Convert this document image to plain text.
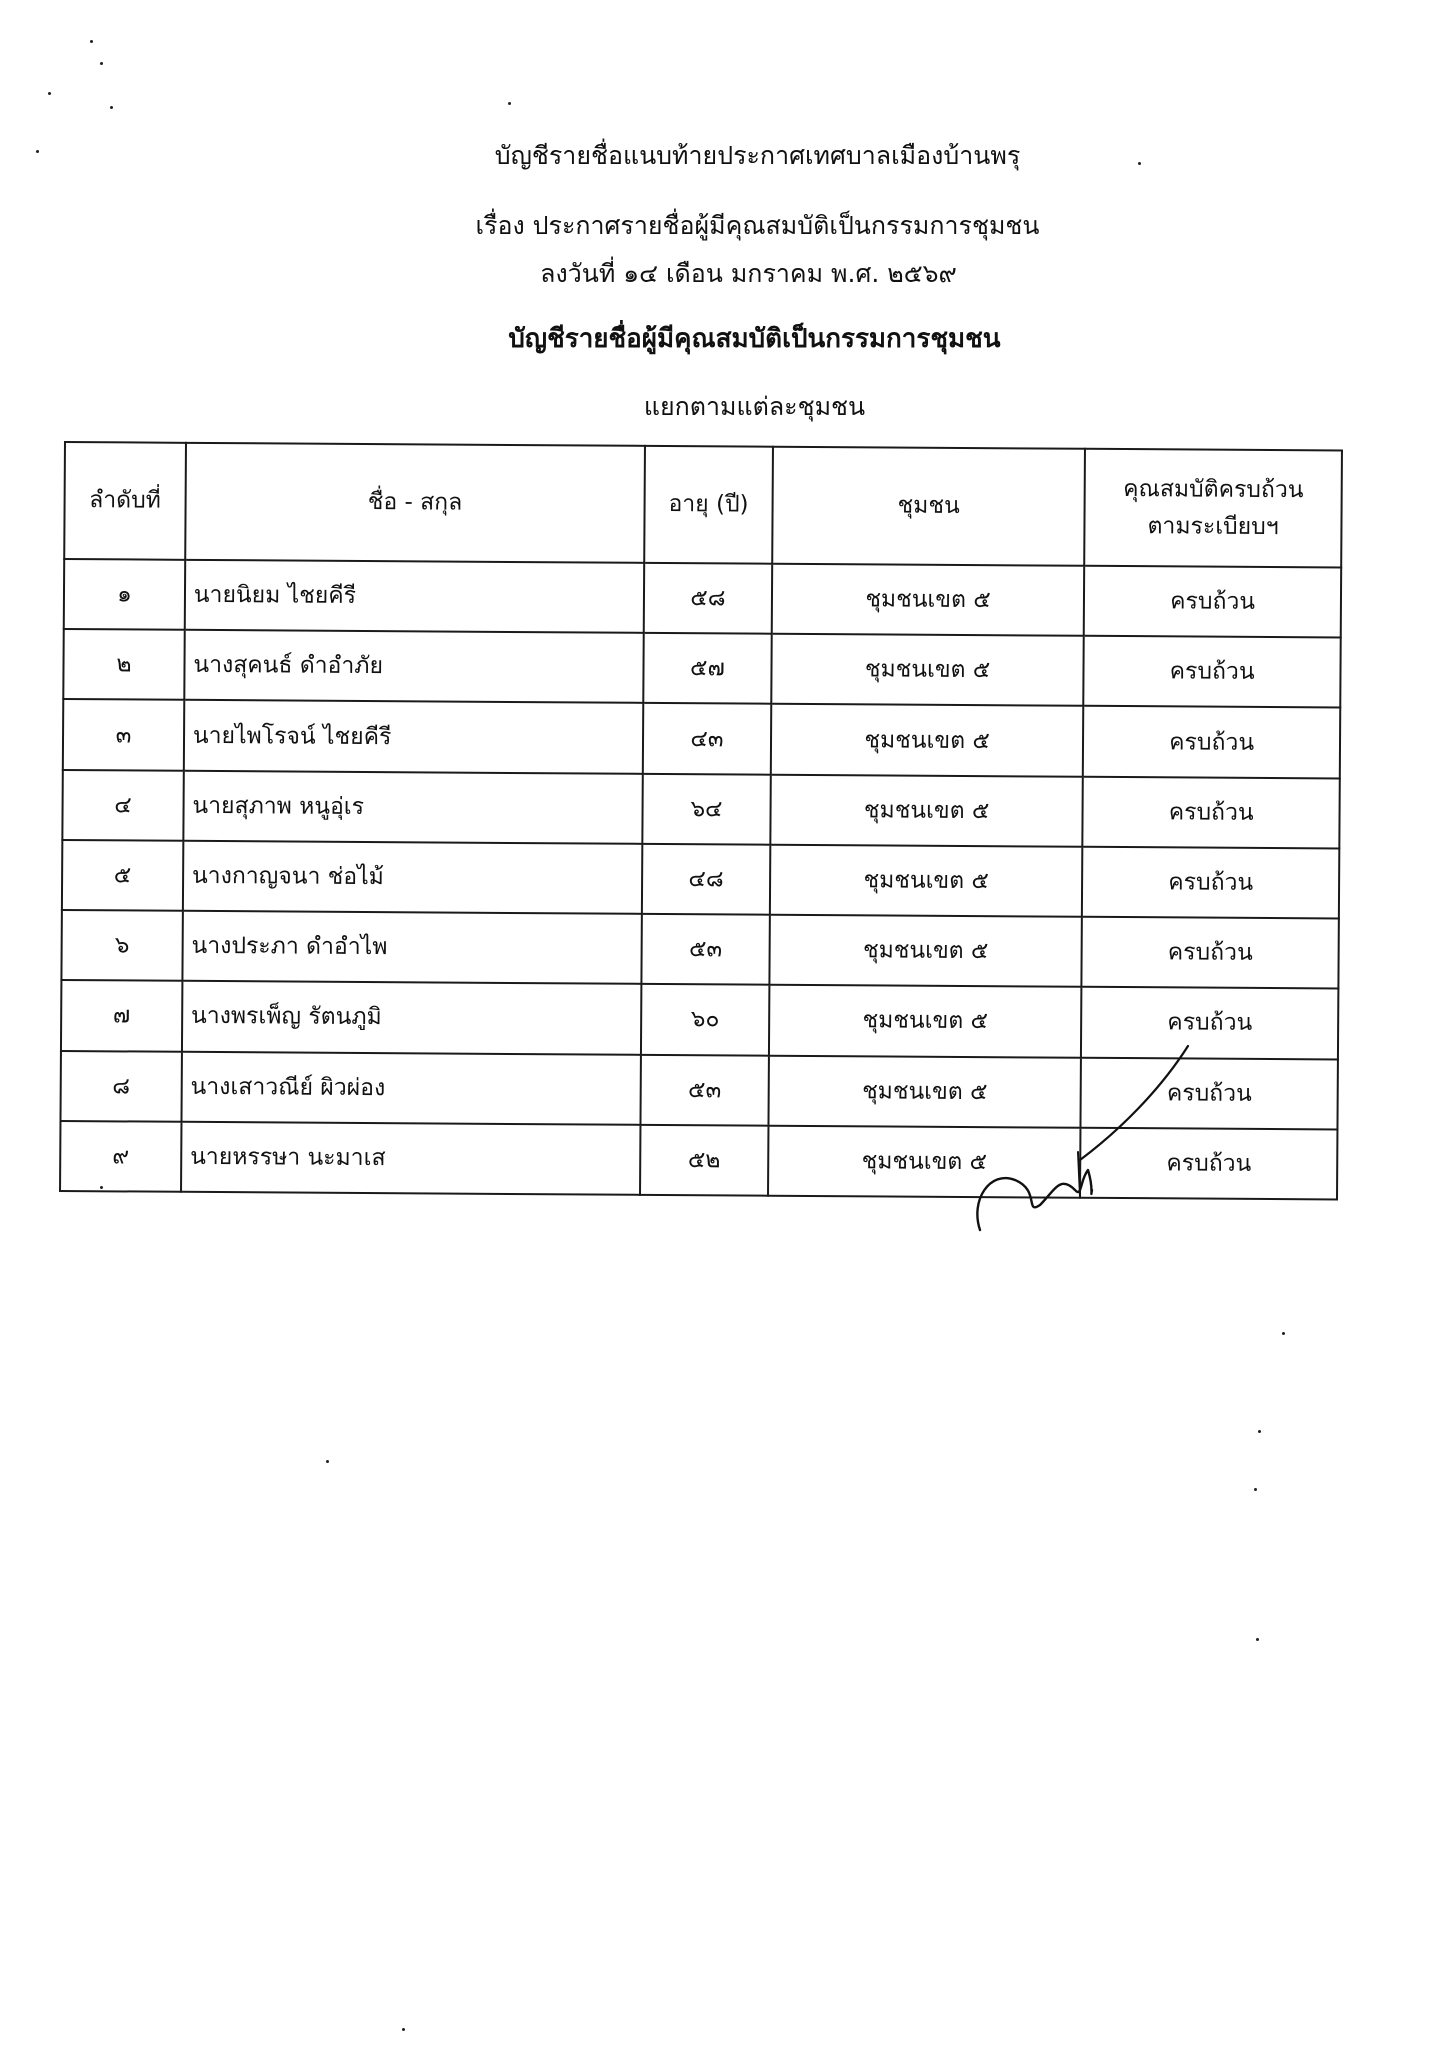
บัญชีรายชื่อแนบท้ายประกาศเทศบาลเมืองบ้านพรุ
เรื่อง ประกาศรายชื่อผู้มีคุณสมบัติเป็นกรรมการชุมชน
ลงวันที่ ๑๔ เดือน มกราคม พ.ศ. ๒๕๖๙
บัญชีรายชื่อผู้มีคุณสมบัติเป็นกรรมการชุมชน
แยกตามแต่ละชุมชน
ลำดับที่	ชื่อ - สกุล	อายุ (ปี)	ชุมชน	คุณสมบัติครบถ้วน
ตามระเบียบฯ

๑	นายนิยม ไชยคีรี	๕๘	ชุมชนเขต ๕	ครบถ้วน
๒	นางสุคนธ์ ดำอำภัย	๕๗	ชุมชนเขต ๕	ครบถ้วน
๓	นายไพโรจน์ ไชยคีรี	๔๓	ชุมชนเขต ๕	ครบถ้วน
๔	นายสุภาพ หนูอุ่เร	๖๔	ชุมชนเขต ๕	ครบถ้วน
๕	นางกาญจนา ช่อไม้	๔๘	ชุมชนเขต ๕	ครบถ้วน
๖	นางประภา ดำอำไพ	๕๓	ชุมชนเขต ๕	ครบถ้วน
๗	นางพรเพ็ญ รัตนภูมิ	๖๐	ชุมชนเขต ๕	ครบถ้วน
๘	นางเสาวณีย์ ผิวผ่อง	๕๓	ชุมชนเขต ๕	ครบถ้วน
๙	นายหรรษา นะมาเส	๕๒	ชุมชนเขต ๕	ครบถ้วน
